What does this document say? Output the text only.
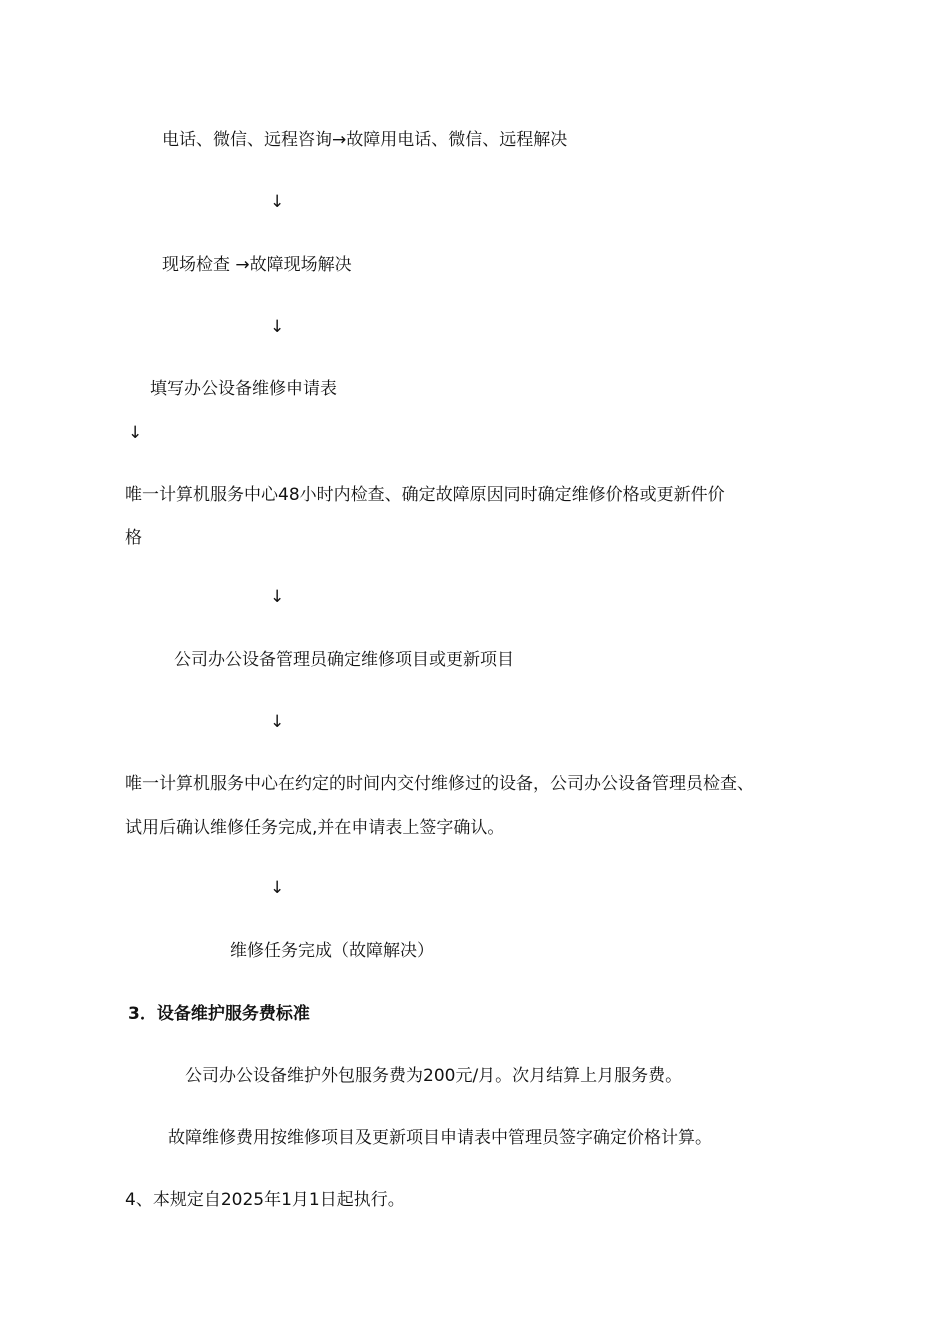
电话、微信、远程咨询→故障用电话、微信、远程解决
↓
现场检查 →故障现场解决
↓
填写办公设备维修申请表
↓
唯一计算机服务中心48小时内检查、确定故障原因同时确定维修价格或更新件价
格
↓
公司办公设备管理员确定维修项目或更新项目
↓
唯一计算机服务中心在约定的时间内交付维修过的设备，公司办公设备管理员检查、
试用后确认维修任务完成,并在申请表上签字确认。
↓
维修任务完成（故障解决）
3．设备维护服务费标准
公司办公设备维护外包服务费为200元/月。次月结算上月服务费。
故障维修费用按维修项目及更新项目申请表中管理员签字确定价格计算。
4、本规定自2025年1月1日起执行。
